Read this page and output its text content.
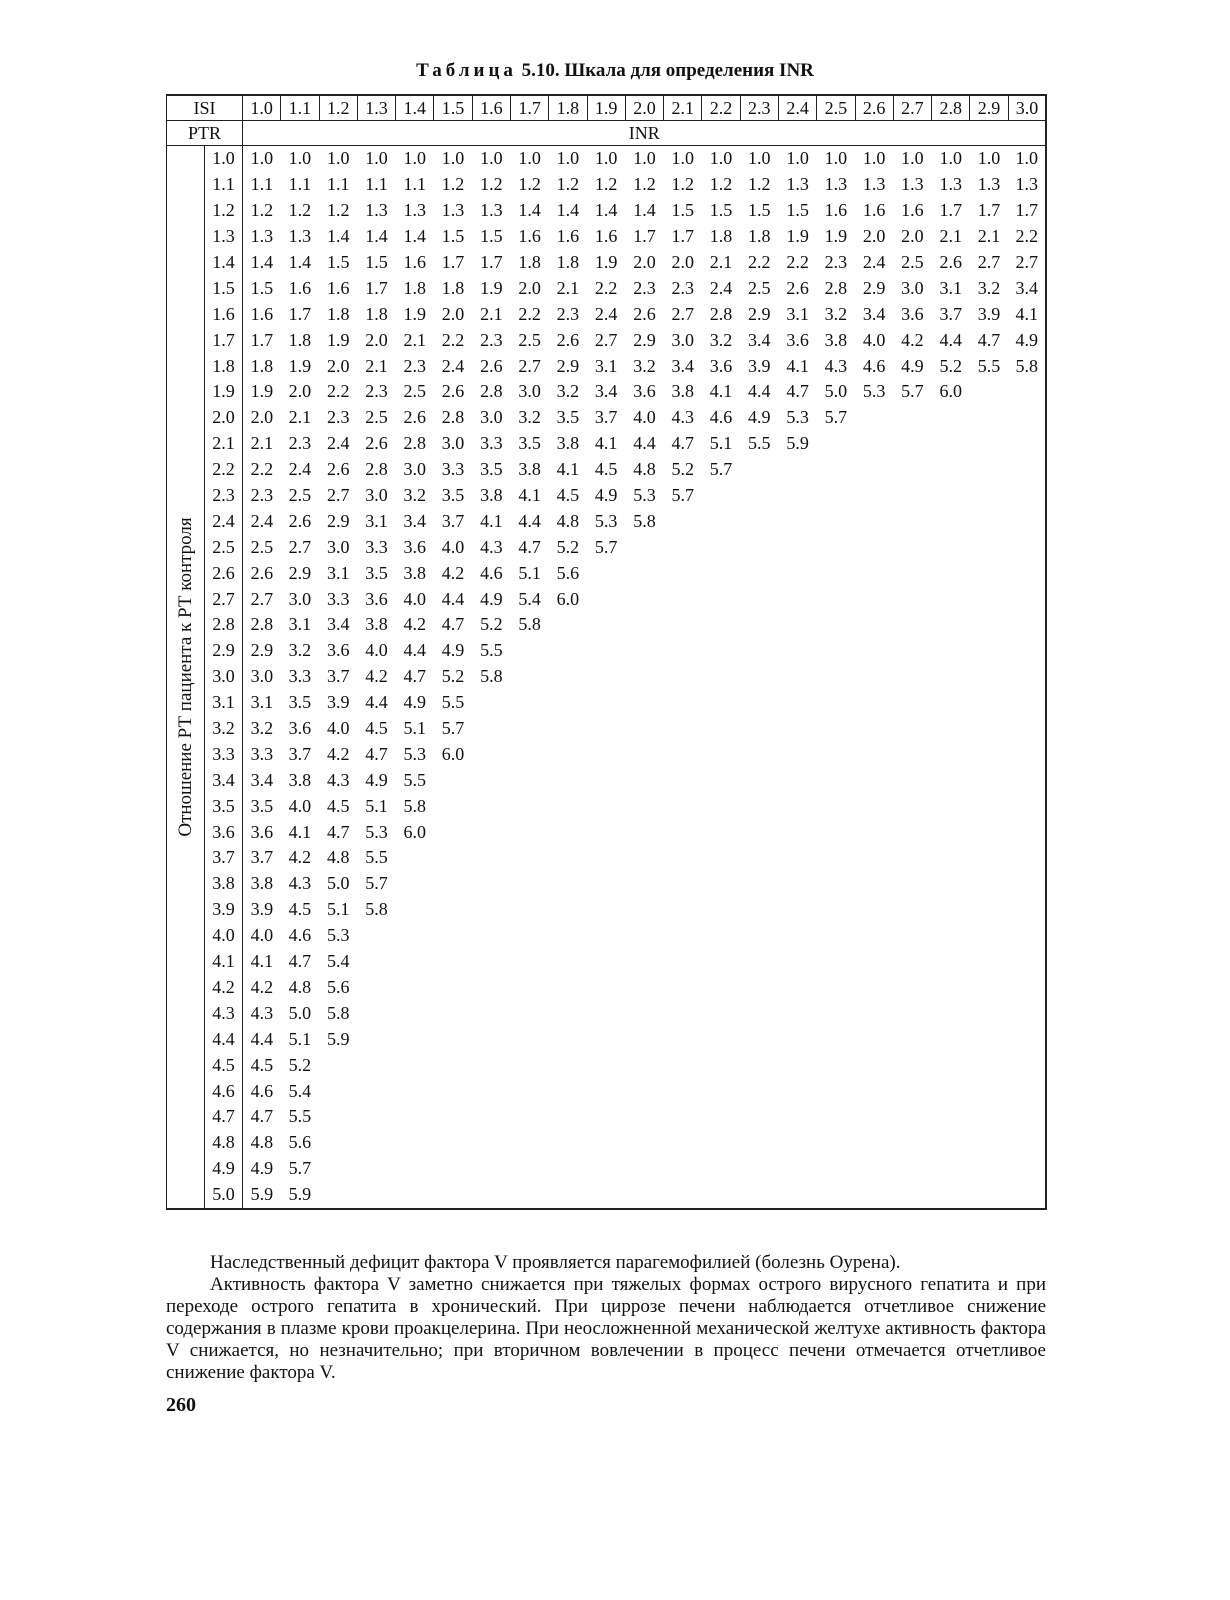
Таблица 5.10. Шкала для определения INR
ISI		1.0	1.1	1.2	1.3	1.4	1.5	1.6	1.7	1.8	1.9	2.0	2.1	2.2	2.3	2.4	2.5	2.6	2.7	2.8	2.9	3.0
PTR		INR																				

Отношение РТ пациента к РТ контроля	1.0	1.0	1.0	1.0	1.0	1.0	1.0	1.0	1.0	1.0	1.0	1.0	1.0	1.0	1.0	1.0	1.0	1.0	1.0	1.0	1.0	1.0
	1.1	1.1	1.1	1.1	1.1	1.1	1.2	1.2	1.2	1.2	1.2	1.2	1.2	1.2	1.2	1.3	1.3	1.3	1.3	1.3	1.3	1.3
	1.2	1.2	1.2	1.2	1.3	1.3	1.3	1.3	1.4	1.4	1.4	1.4	1.5	1.5	1.5	1.5	1.6	1.6	1.6	1.7	1.7	1.7
	1.3	1.3	1.3	1.4	1.4	1.4	1.5	1.5	1.6	1.6	1.6	1.7	1.7	1.8	1.8	1.9	1.9	2.0	2.0	2.1	2.1	2.2
	1.4	1.4	1.4	1.5	1.5	1.6	1.7	1.7	1.8	1.8	1.9	2.0	2.0	2.1	2.2	2.2	2.3	2.4	2.5	2.6	2.7	2.7
	1.5	1.5	1.6	1.6	1.7	1.8	1.8	1.9	2.0	2.1	2.2	2.3	2.3	2.4	2.5	2.6	2.8	2.9	3.0	3.1	3.2	3.4
	1.6	1.6	1.7	1.8	1.8	1.9	2.0	2.1	2.2	2.3	2.4	2.6	2.7	2.8	2.9	3.1	3.2	3.4	3.6	3.7	3.9	4.1
	1.7	1.7	1.8	1.9	2.0	2.1	2.2	2.3	2.5	2.6	2.7	2.9	3.0	3.2	3.4	3.6	3.8	4.0	4.2	4.4	4.7	4.9
	1.8	1.8	1.9	2.0	2.1	2.3	2.4	2.6	2.7	2.9	3.1	3.2	3.4	3.6	3.9	4.1	4.3	4.6	4.9	5.2	5.5	5.8
	1.9	1.9	2.0	2.2	2.3	2.5	2.6	2.8	3.0	3.2	3.4	3.6	3.8	4.1	4.4	4.7	5.0	5.3	5.7	6.0		
	2.0	2.0	2.1	2.3	2.5	2.6	2.8	3.0	3.2	3.5	3.7	4.0	4.3	4.6	4.9	5.3	5.7					
	2.1	2.1	2.3	2.4	2.6	2.8	3.0	3.3	3.5	3.8	4.1	4.4	4.7	5.1	5.5	5.9						
	2.2	2.2	2.4	2.6	2.8	3.0	3.3	3.5	3.8	4.1	4.5	4.8	5.2	5.7								
	2.3	2.3	2.5	2.7	3.0	3.2	3.5	3.8	4.1	4.5	4.9	5.3	5.7									
	2.4	2.4	2.6	2.9	3.1	3.4	3.7	4.1	4.4	4.8	5.3	5.8										
	2.5	2.5	2.7	3.0	3.3	3.6	4.0	4.3	4.7	5.2	5.7											
	2.6	2.6	2.9	3.1	3.5	3.8	4.2	4.6	5.1	5.6												
	2.7	2.7	3.0	3.3	3.6	4.0	4.4	4.9	5.4	6.0												
	2.8	2.8	3.1	3.4	3.8	4.2	4.7	5.2	5.8													
	2.9	2.9	3.2	3.6	4.0	4.4	4.9	5.5														
	3.0	3.0	3.3	3.7	4.2	4.7	5.2	5.8														
	3.1	3.1	3.5	3.9	4.4	4.9	5.5															
	3.2	3.2	3.6	4.0	4.5	5.1	5.7															
	3.3	3.3	3.7	4.2	4.7	5.3	6.0															
	3.4	3.4	3.8	4.3	4.9	5.5																
	3.5	3.5	4.0	4.5	5.1	5.8																
	3.6	3.6	4.1	4.7	5.3	6.0																
	3.7	3.7	4.2	4.8	5.5																	
	3.8	3.8	4.3	5.0	5.7																	
	3.9	3.9	4.5	5.1	5.8																	
	4.0	4.0	4.6	5.3																		
	4.1	4.1	4.7	5.4																		
	4.2	4.2	4.8	5.6																		
	4.3	4.3	5.0	5.8																		
	4.4	4.4	5.1	5.9																		
	4.5	4.5	5.2																			
	4.6	4.6	5.4																			
	4.7	4.7	5.5																			
	4.8	4.8	5.6																			
	4.9	4.9	5.7																			
	5.0	5.9	5.9																			
Наследственный дефицит фактора V проявляется парагемофилией (болезнь Оурена).
Активность фактора V заметно снижается при тяжелых формах острого вирусного гепатита и при переходе острого гепатита в хронический. При циррозе печени наблюдается отчетливое снижение содержания в плазме крови проакцелерина. При неосложненной механической желтухе активность фактора V снижается, но незначительно; при вторичном вовлечении в процесс печени отмечается отчетливое снижение фактора V.
260
